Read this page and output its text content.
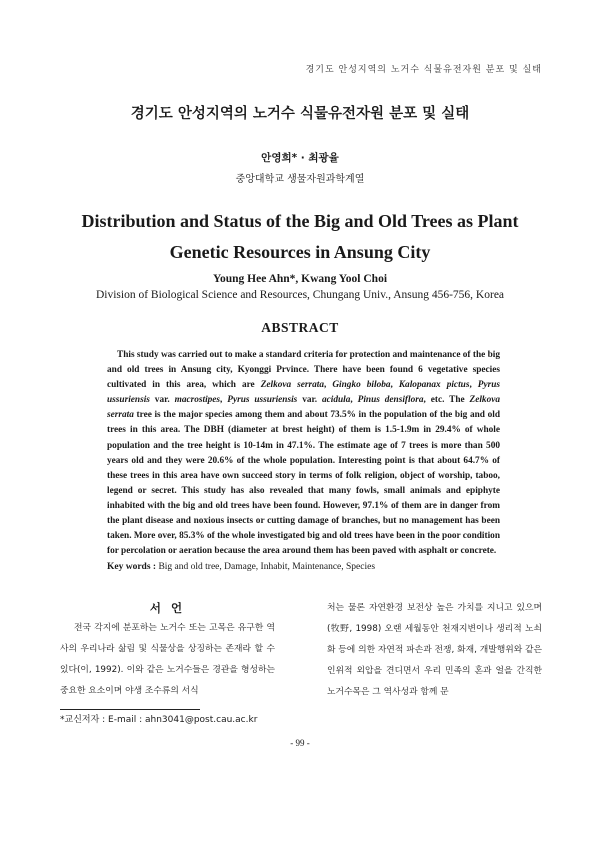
경기도 안성지역의 노거수 식물유전자원 분포 및 실태
경기도 안성지역의 노거수 식물유전자원 분포 및 실태
안영희* · 최광율
중앙대학교 생물자원과학계열
Distribution and Status of the Big and Old Trees as Plant
Genetic Resources in Ansung City
Young Hee Ahn*, Kwang Yool Choi
Division of Biological Science and Resources, Chungang Univ., Ansung 456-756, Korea
ABSTRACT
This study was carried out to make a standard criteria for protection and maintenance of the big and old trees in Ansung city, Kyonggi Prvince. There have been found 6 vegetative species cultivated in this area, which are Zelkova serrata, Gingko biloba, Kalopanax pictus, Pyrus ussuriensis var. macrostipes, Pyrus ussuriensis var. acidula, Pinus densiflora, etc. The Zelkova serrata tree is the major species among them and about 73.5% in the population of the big and old trees in this area. The DBH (diameter at brest height) of them is 1.5-1.9m in 29.4% of whole population and the tree height is 10-14m in 47.1%. The estimate age of 7 trees is more than 500 years old and they were 20.6% of the whole population. Interesting point is that about 64.7% of these trees in this area have own succeed story in terms of folk religion, object of worship, taboo, legend or secret. This study has also revealed that many fowls, small animals and epiphyte inhabited with the big and old trees have been found. However, 97.1% of them are in danger from the plant disease and noxious insects or cutting damage of branches, but no management has been taken. More over, 85.3% of the whole investigated big and old trees have been in the poor condition for percolation or aeration because the area around them has been paved with asphalt or concrete.
Key words : Big and old tree, Damage, Inhabit, Maintenance, Species
서 언
전국 각지에 분포하는 노거수 또는 고목은 유구한 역사의 우리나라 삶림 및 식물상을 상징하는 존재라 할 수 있다(이, 1992). 이와 같은 노거수들은 경관을 형성하는 중요한 요소이며 야생 조수류의 서식
처는 물론 자연환경 보전상 높은 가치를 지니고 있으며(牧野, 1998) 오랜 세월동안 천재지변이나 생리적 노쇠화 등에 의한 자연적 파손과 전쟁, 화재, 개발행위와 같은 인위적 외압을 견디면서 우리 민족의 혼과 얼을 간직한 노거수목은 그 역사성과 함께 문
*교신저자 : E-mail : ahn3041@post.cau.ac.kr
- 99 -
